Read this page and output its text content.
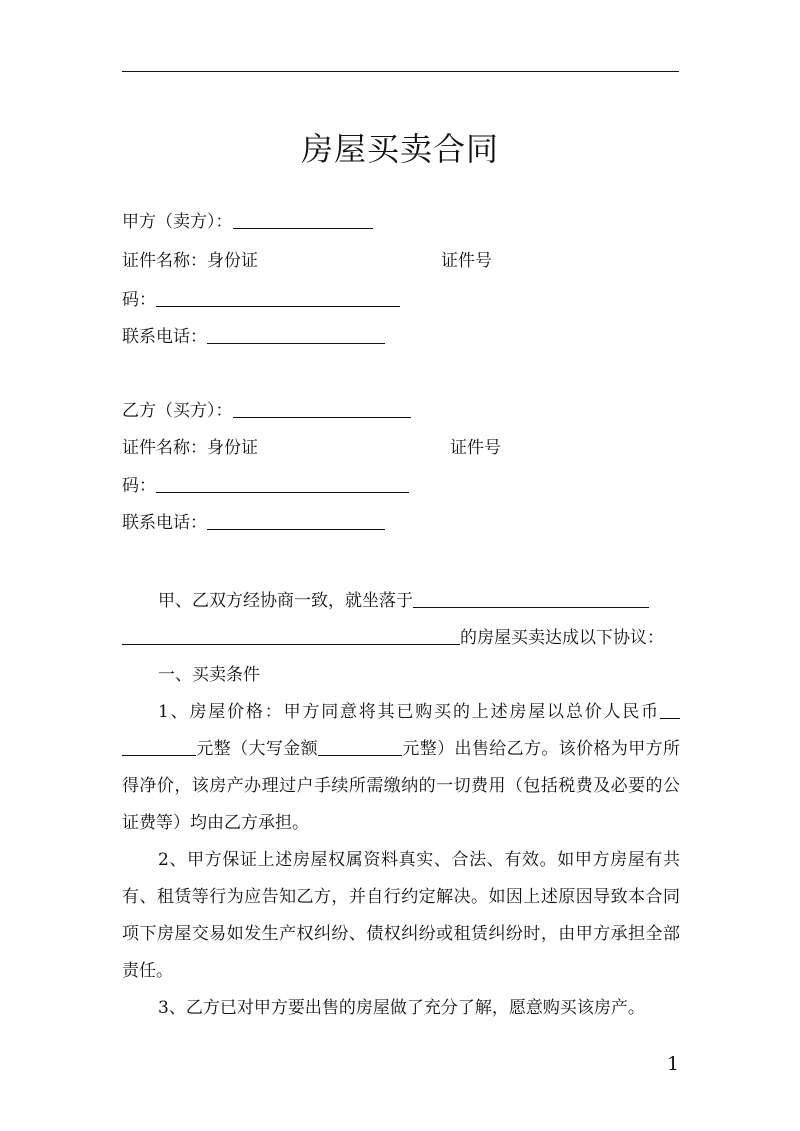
房屋买卖合同
甲方（卖方）：
证件名称：身份证	证件号
码：
联系电话：
乙方（买方）：
证件名称：身份证	证件号
码：
联系电话：
甲、乙双方经协商一致，就坐落于
的房屋买卖达成以下协议：
一、买卖条件
1、房屋价格：甲方同意将其已购买的上述房屋以总价人民币元整（大写金额	元整）出售给乙方。该价格为甲方所得净价，该房产办理过户手续所需缴纳的一切费用（包括税费及必要的公证费等）均由乙方承担。
2、甲方保证上述房屋权属资料真实、合法、有效。如甲方房屋有共有、租赁等行为应告知乙方，并自行约定解决。如因上述原因导致本合同项下房屋交易如发生产权纠纷、债权纠纷或租赁纠纷时，由甲方承担全部责任。
3、乙方已对甲方要出售的房屋做了充分了解，愿意购买该房产。
1
